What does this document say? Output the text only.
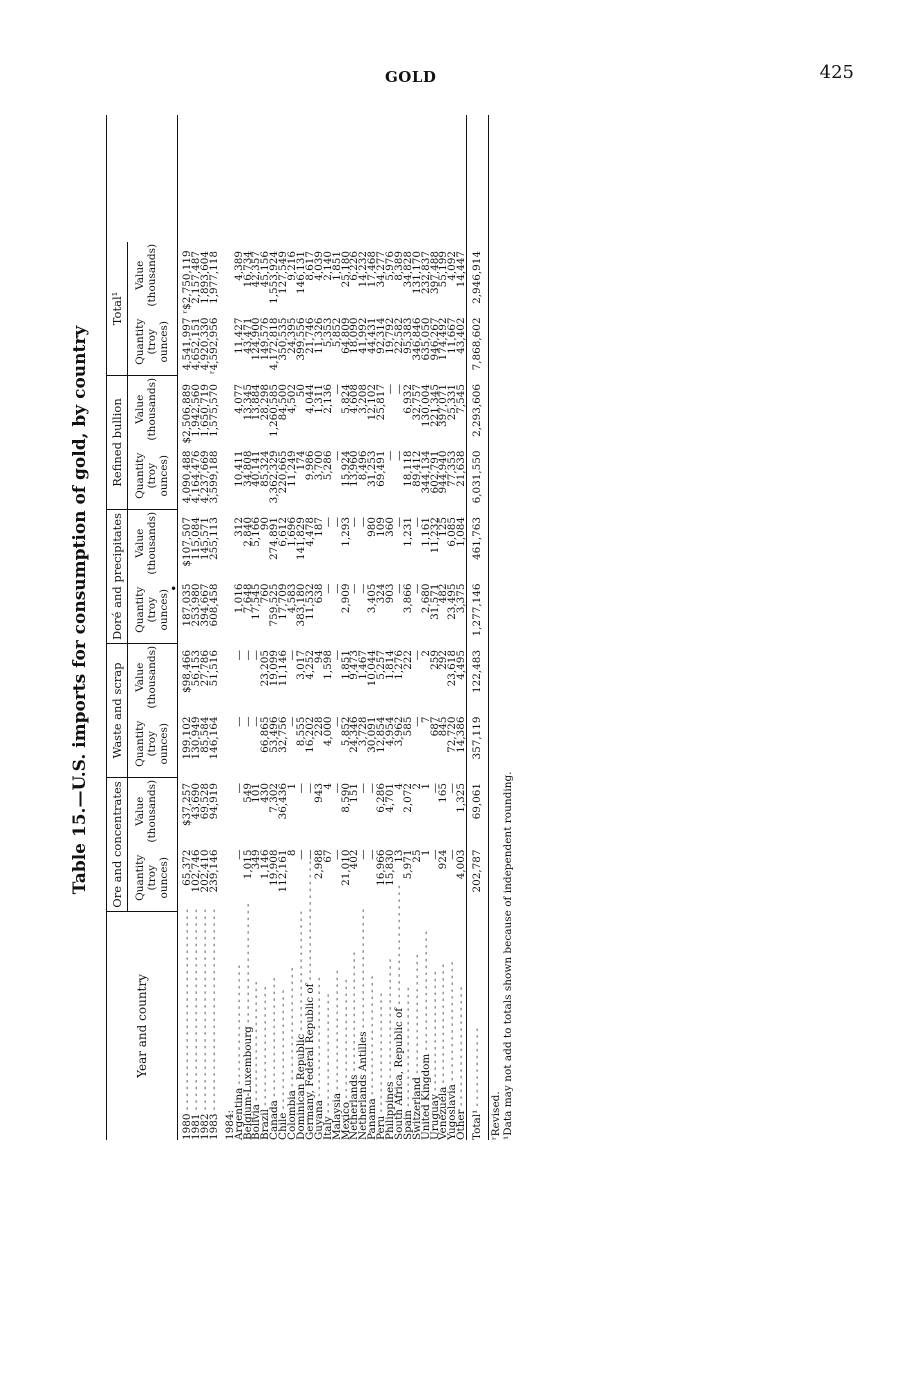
GOLD	425
•
Table 15.—U.S. imports for consumption of gold, by country
Year and country
Ore and concentrates Quantity (troy ounces)
Value (thousands)
Waste and scrap Quantity (troy ounces)
Value (thousands)
Doré and precipitates Quantity (troy ounces)
Value (thousands)
Refined bullion Quantity (troy ounces)
Value (thousands)
Total¹
Quantity (troy ounces)
Value (thousands)
1980 - - - - - - - - - - - - - - - - - - - - - - - - - - - - - -
65,372
$37,257
199,102
$98,466
187,035
$107,507
4,090,488
$2,506,889
4,541,997
ʳ$2,750,119
1981 - - - - - - - - - - - - - - - - - - - - - - - - - - - - - -
102,746
43,690
130,949
56,153
253,980
115,084
4,164,476
1,942,560
4,652,151
2,157,487
1982 - - - - - - - - - - - - - - - - - - - - - - - - - - - - - -
202,410
69,528
85,584
27,786
394,667
145,571
4,237,669
1,650,719
4,920,330
1,893,604
1983 - - - - - - - - - - - - - - - - - - - - - - - - - - - - - -
239,146
94,919
146,164
51,516
608,458
255,113
3,599,188
1,575,570
ʳ4,592,956
1,977,118
1984:
Argentina - - - - - - - - - - - - - - - - - -
—
—
—
—
1,016
312
10,411
4,077
11,427
4,389
Belgium-Luxembourg - - - - - - - - - - - - - - - - - -
1,015
549
—
—
7,648
2,840
34,808
13,345
43,471
16,734
Bolivia - - - - - - - - - - - - - - - - - -
349
101
—
—
17,545
5,166
40,141
13,884
124,900
42,357
Brazil - - - - - - - - - - - - - - - - - -
1,146
430
66,865
23,205
760
90
85,324
28,298
149,576
45,156
Canada - - - - - - - - - - - - - - - - - -
19,908
7,302
53,496
19,099
759,525
274,891
3,362,329
1,260,585
4,172,818
1,553,924
Chile - - - - - - - - - - - - - - - - - -
112,161
36,436
32,756
11,146
17,709
6,612
220,665
84,500
350,535
127,549
Colombia - - - - - - - - - - - - - - - - - -
8
1
—
—
4,583
1,696
11,249
4,502
24,395
9,216
Dominican Republic - - - - - - - - - - - - - - - - - -
—
—
8,555
3,017
383,180
141,829
174
50
399,556
146,131
Germany, Federal Republic of - - - - - - - - - - - - - - - - - -
—
—
16,202
4,252
11,532
4,478
9,986
4,044
21,746
8,617
Guyana - - - - - - - - - - - - - - - - - -
2,988
943
228
94
638
187
3,700
1,311
11,326
4,039
Italy - - - - - - - - - - - - - - - - - -
67
4
4,000
1,598
—
—
5,286
2,136
5,353
2,140
Malaysia - - - - - - - - - - - - - - - - - -
—
—
—
—
—
—
—
—
5,852
1,851
Mexico - - - - - - - - - - - - - - - - - -
21,010
8,590
5,852
1,851
2,909
1,293
15,924
5,824
64,809
25,180
Netherlands - - - - - - - - - - - - - - - - - -
402
151
24,346
9,473
—
—
13,960
4,608
18,090
6,226
Netherlands Antilles - - - - - - - - - - - - - - - - - -
—
—
3,728
1,467
—
—
8,496
3,208
41,992
14,232
Panama - - - - - - - - - - - - - - - - - -
—
—
30,091
10,044
3,405
980
31,253
12,102
44,431
17,468
Peru - - - - - - - - - - - - - - - - - -
16,966
6,286
12,854
5,257
324
109
69,491
25,817
92,314
34,277
Philippines - - - - - - - - - - - - - - - - - -
15,830
4,701
4,954
1,814
903
360
—
—
19,792
5,976
South Africa, Republic of - - - - - - - - - - - - - - - - - -
13
4
3,962
1,276
—
—
—
—
22,582
8,389
Spain - - - - - - - - - - - - - - - - - -
5,971
2,072
585
222
3,866
1,231
18,118
6,932
95,383
34,828
Switzerland - - - - - - - - - - - - - - - - - -
25
2
—
—
—
—
89,412
32,757
346,846
131,170
United Kingdom - - - - - - - - - - - - - - - - - -
1
1
7
2
2,680
1,161
344,134
130,004
635,050
232,837
Uruguay - - - - - - - - - - - - - - - - - -
—
—
687
259
31,571
11,232
602,791
221,345
946,267
397,488
Venezuela - - - - - - - - - - - - - - - - - -
924
165
845
292
482
125
944,940
397,071
174,492
55,199
Yugoslavia - - - - - - - - - - - - - - - - - -
—
—
72,720
23,618
23,495
6,085
77,353
25,331
11,667
4,092
Other - - - - - - - - - - - - - - - - - -
4,003
1,325
14,386
4,495
3,375
1,084
21,638
7,545
43,402
14,447
Total¹ - - - - - - - - - - - -
202,787
69,061
357,119
122,483
1,277,146
461,763
6,031,550
2,293,606
7,868,602
2,946,914
ʳRevised. ¹Data may not add to totals shown because of independent rounding.
